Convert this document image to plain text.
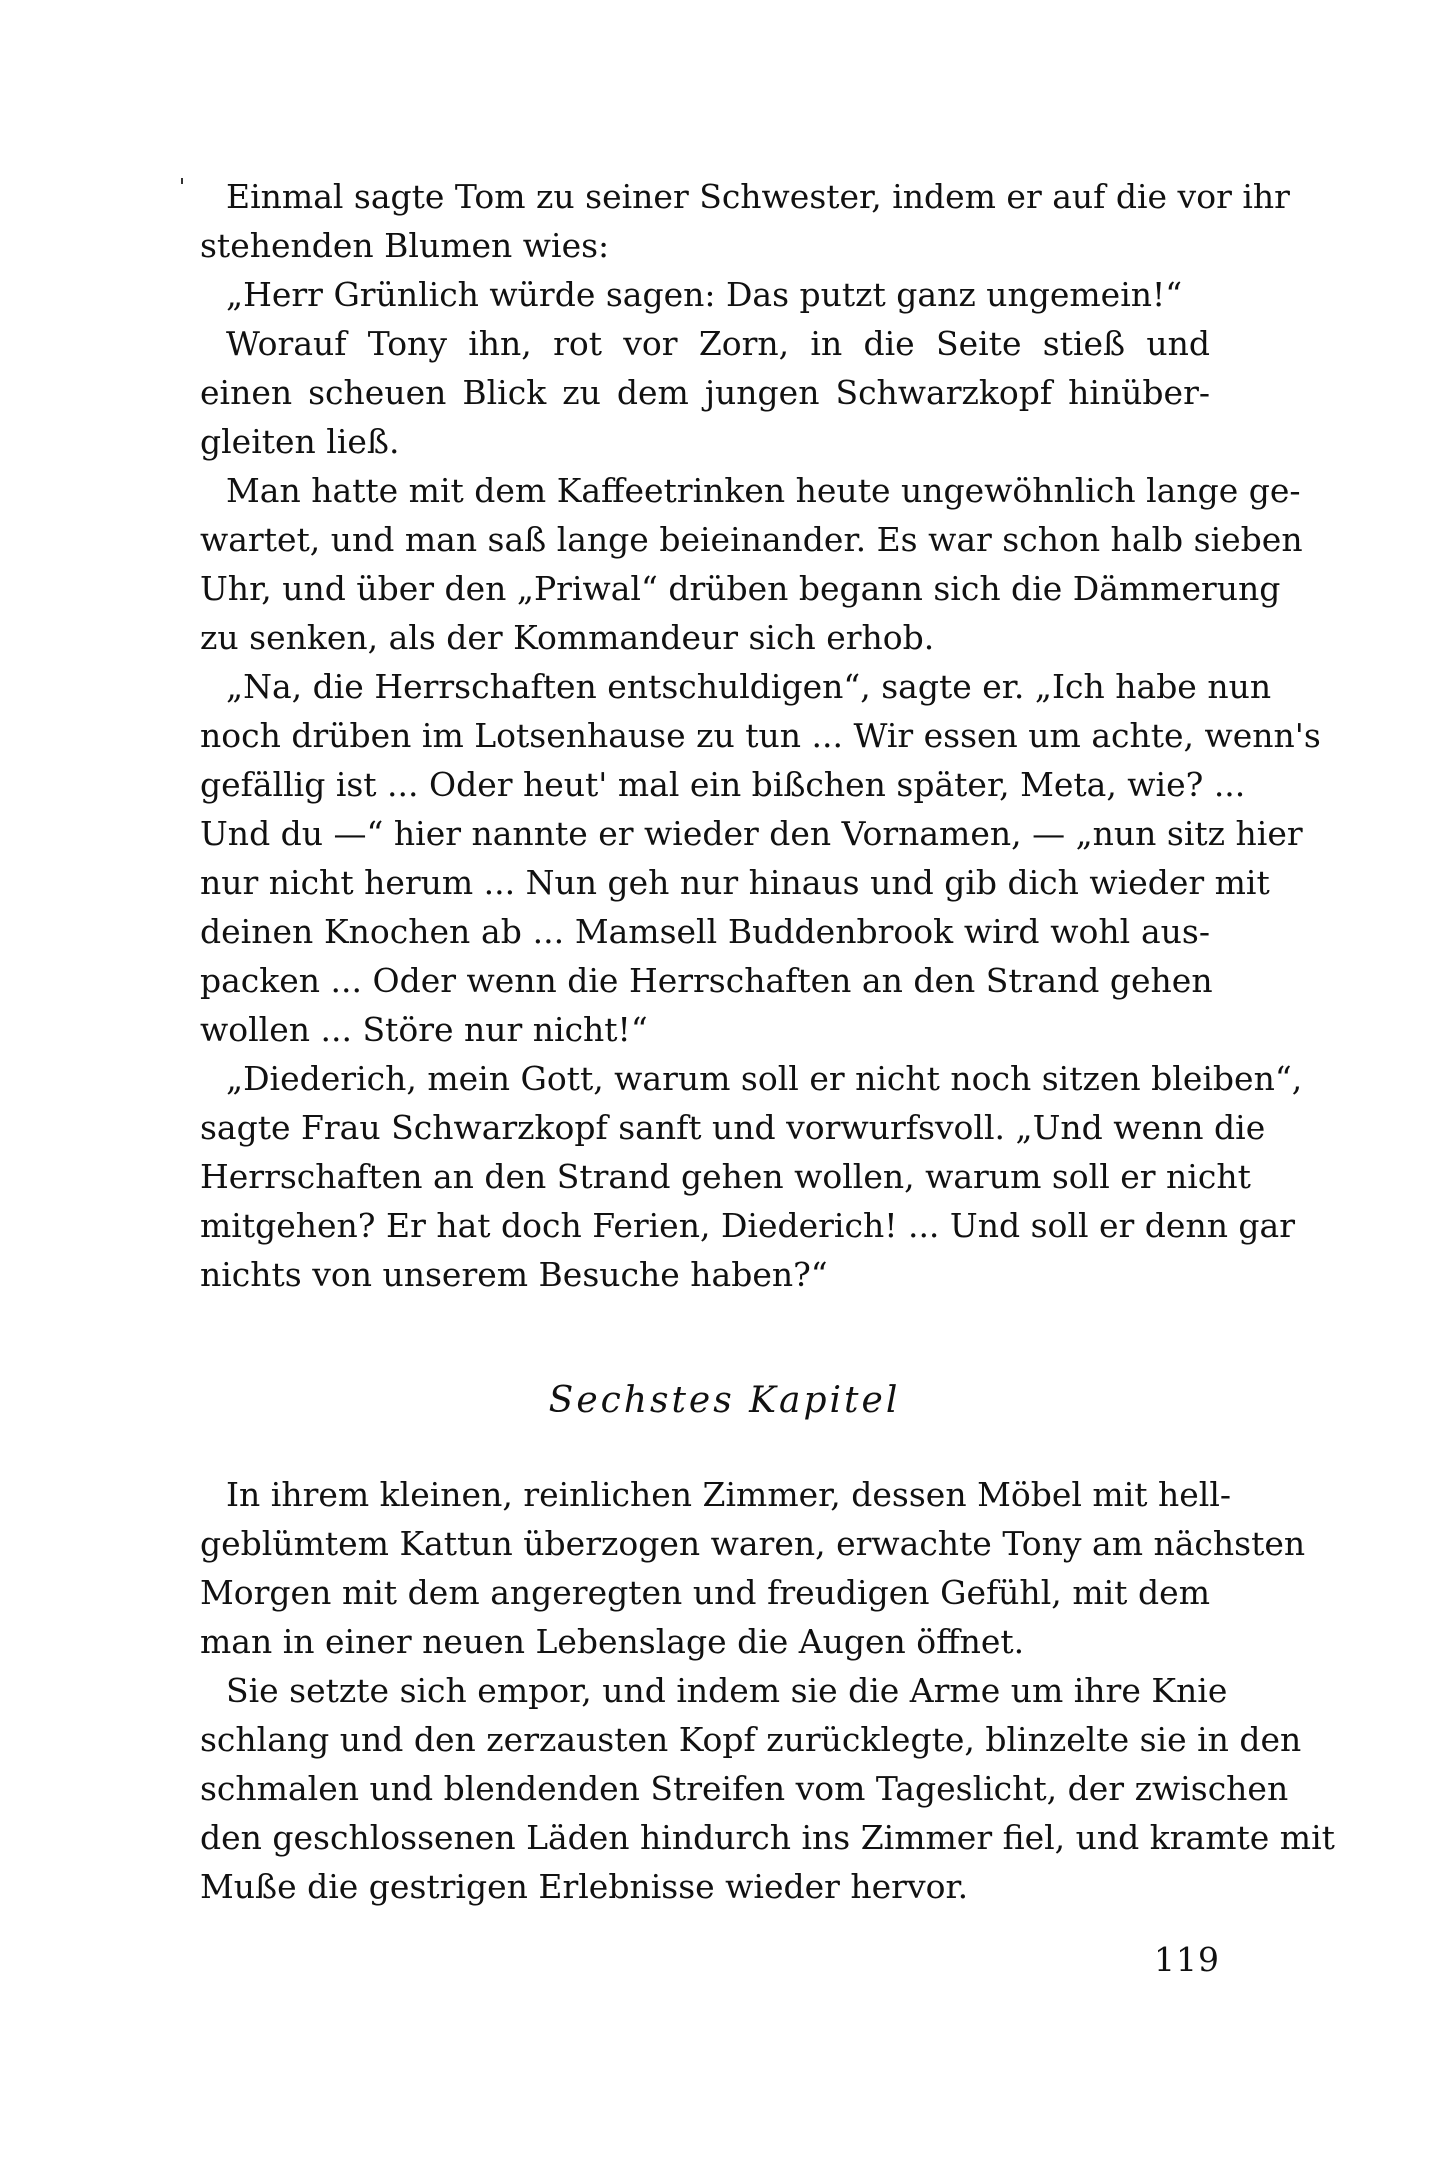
Einmal sagte Tom zu seiner Schwester, indem er auf die vor ihr
stehenden Blumen wies:
„Herr Grünlich würde sagen: Das putzt ganz ungemein!“
Worauf Tony ihn, rot vor Zorn, in die Seite stieß und
einen scheuen Blick zu dem jungen Schwarzkopf hinüber-
gleiten ließ.
Man hatte mit dem Kaffeetrinken heute ungewöhnlich lange ge-
wartet, und man saß lange beieinander. Es war schon halb sieben
Uhr, und über den „Priwal“ drüben begann sich die Dämmerung
zu senken, als der Kommandeur sich erhob.
„Na, die Herrschaften entschuldigen“, sagte er. „Ich habe nun
noch drüben im Lotsenhause zu tun ... Wir essen um achte, wenn's
gefällig ist ... Oder heut' mal ein bißchen später, Meta, wie? ...
Und du —“ hier nannte er wieder den Vornamen, — „nun sitz hier
nur nicht herum ... Nun geh nur hinaus und gib dich wieder mit
deinen Knochen ab ... Mamsell Buddenbrook wird wohl aus-
packen ... Oder wenn die Herrschaften an den Strand gehen
wollen ... Störe nur nicht!“
„Diederich, mein Gott, warum soll er nicht noch sitzen bleiben“,
sagte Frau Schwarzkopf sanft und vorwurfsvoll. „Und wenn die
Herrschaften an den Strand gehen wollen, warum soll er nicht
mitgehen? Er hat doch Ferien, Diederich! ... Und soll er denn gar
nichts von unserem Besuche haben?“
Sechstes Kapitel
In ihrem kleinen, reinlichen Zimmer, dessen Möbel mit hell-
geblümtem Kattun überzogen waren, erwachte Tony am nächsten
Morgen mit dem angeregten und freudigen Gefühl, mit dem
man in einer neuen Lebenslage die Augen öffnet.
Sie setzte sich empor, und indem sie die Arme um ihre Knie
schlang und den zerzausten Kopf zurücklegte, blinzelte sie in den
schmalen und blendenden Streifen vom Tageslicht, der zwischen
den geschlossenen Läden hindurch ins Zimmer fiel, und kramte mit
Muße die gestrigen Erlebnisse wieder hervor.
119
